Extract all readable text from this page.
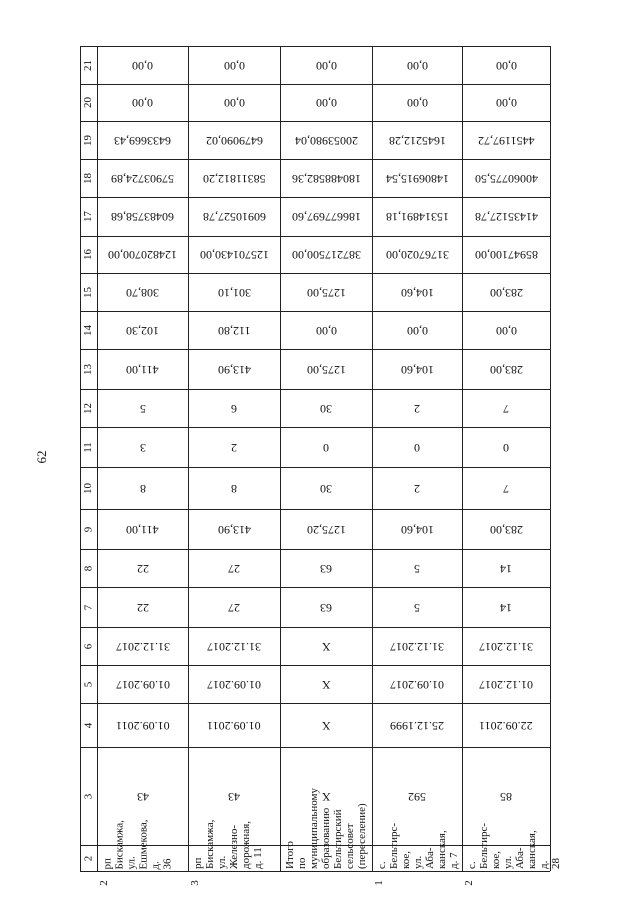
62
21
20
19
18
17
16
15
14
13
12
11
10
9
8
7
6
5
4
3
2
43
01.09.2011
01.09.2017
31.12.2017
22
22
411,00
8
3
5
411,00
102,30
308,70
124820700,00
60483758,68
57903724,89
6433669,43
0,00
0,00
рп Бискамжа, ул. Ешмекова, д. 36
2
43
01.09.2011
01.09.2017
31.12.2017
27
27
413,90
8
2
6
413,90
112,80
301,10
125701430,00
60910527,78
58311812,20
6479090,02
0,00
0,00
рп Бискамжа, ул. Железно- дорожная, д. 11
3
X
X
X
X
63
63
1275,20
30
0
30
1275,00
0,00
1275,00
387217500,00
186677697,60
180488582,36
20053980,04
0,00
0,00
Итого по муниципальному образованию Бельтирский сельсовет (переселение)
592
25.12.1999
01.09.2017
31.12.2017
5
5
104,60
2
0
2
104,60
0,00
104,60
31767020,00
15314891,18
14806915,54
1645212,28
0,00
0,00
с. Бельтирс- кое, ул. Аба- канская, д. 7
1
85
22.09.2011
01.12.2017
31.12.2017
14
14
283,00
7
0
7
283,00
0,00
283,00
85947100,00
41435127,78
40060775,50
4451197,72
0,00
0,00
с. Бельтирс- кое, ул. Аба- канская, д. 28
2
